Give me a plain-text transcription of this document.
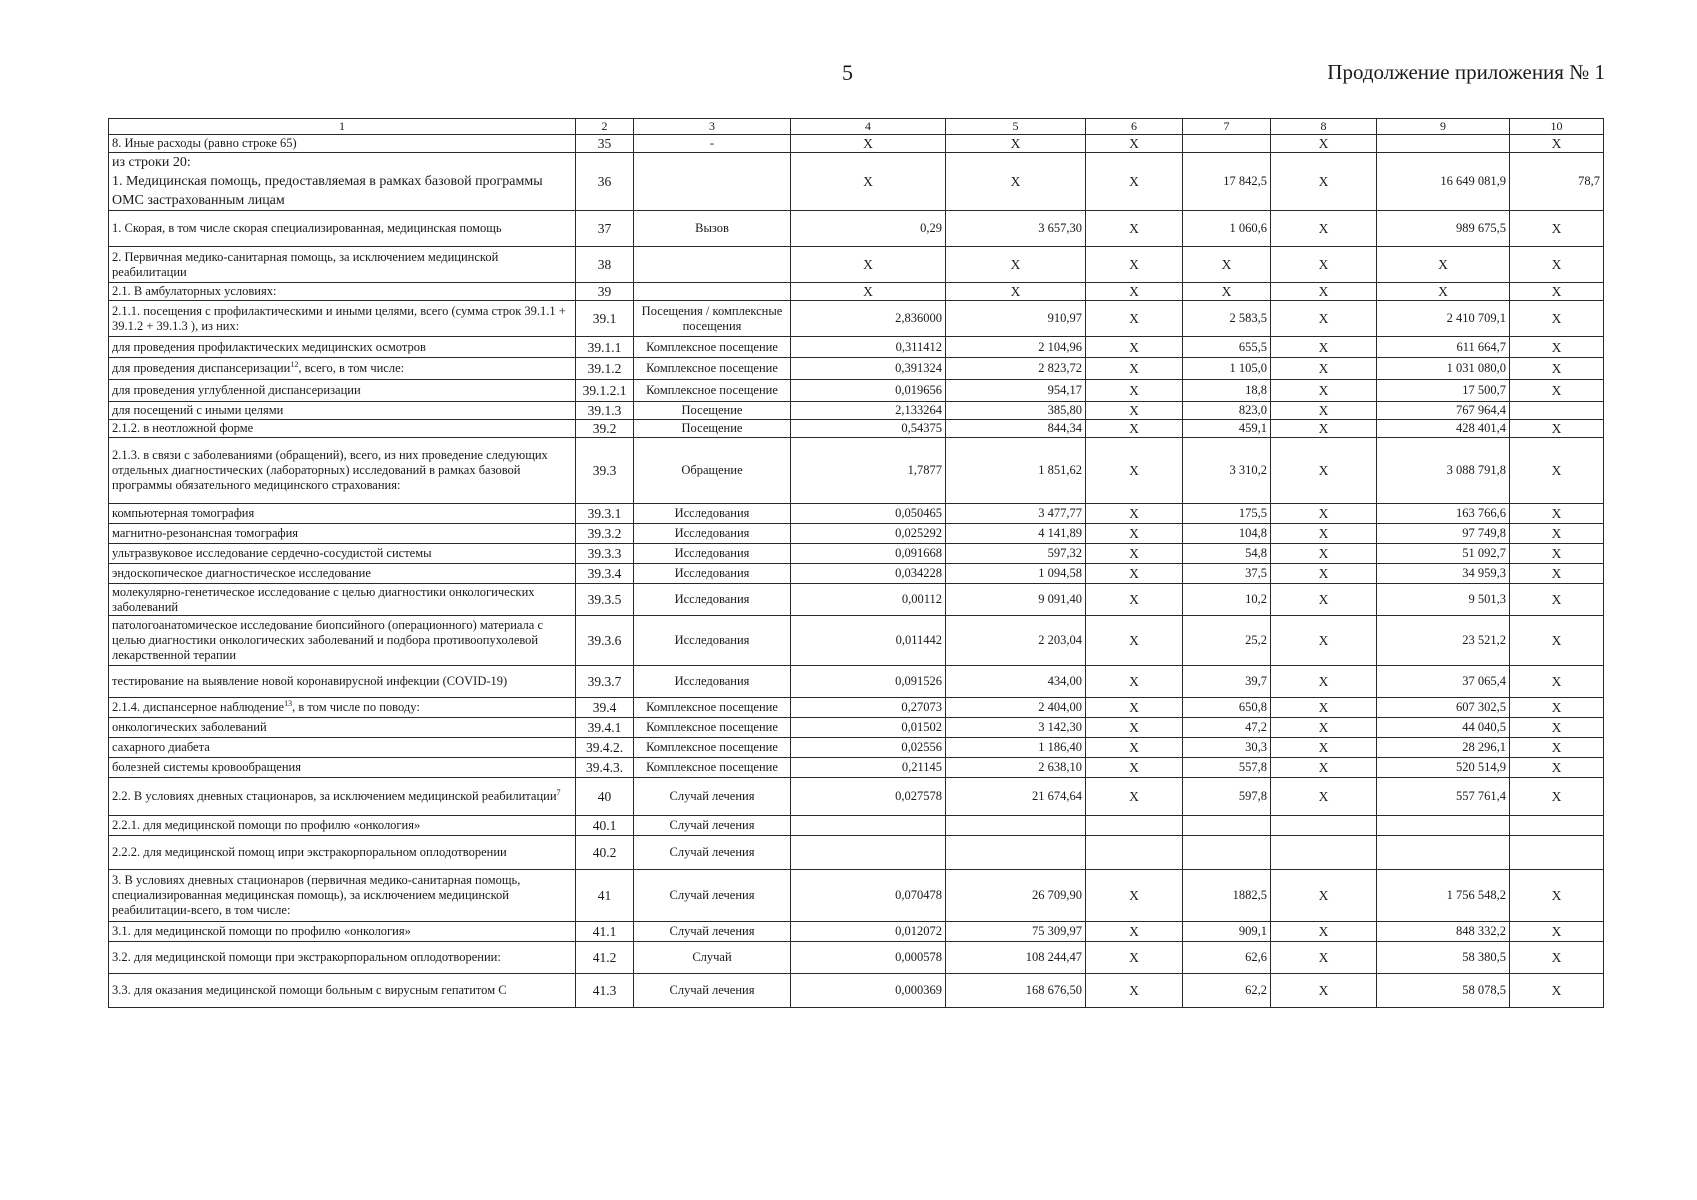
5	Продолжение приложения № 1
1	2	3	4	5	6	7	8	9	10
8. Иные расходы (равно строке 65)	35	-	X	X	X		X		X
из строки 20:
1. Медицинская помощь, предоставляемая в рамках базовой программы ОМС застрахованным лицам	36		X	X	X	17 842,5	X	16 649 081,9	78,7
1. Скорая, в том числе скорая специализированная, медицинская помощь	37	Вызов	0,29	3 657,30	X	1 060,6	X	989 675,5	X
2. Первичная медико-санитарная помощь, за исключением медицинской реабилитации	38		X	X	X	X	X	X	X
2.1. В амбулаторных условиях:	39		X	X	X	X	X	X	X
2.1.1. посещения с профилактическими и иными целями, всего (сумма строк 39.1.1 + 39.1.2 + 39.1.3 ), из них:	39.1	Посещения / комплексные посещения	2,836000	910,97	X	2 583,5	X	2 410 709,1	X
для проведения профилактических медицинских осмотров	39.1.1	Комплексное посещение	0,311412	2 104,96	X	655,5	X	611 664,7	X
для проведения диспансеризации$^{12}$, всего, в том числе:	39.1.2	Комплексное посещение	0,391324	2 823,72	X	1 105,0	X	1 031 080,0	X
для проведения углубленной диспансеризации	39.1.2.1	Комплексное посещение	0,019656	954,17	X	18,8	X	17 500,7	X
для посещений с иными целями	39.1.3	Посещение	2,133264	385,80	X	823,0	X	767 964,4	
2.1.2. в неотложной форме	39.2	Посещение	0,54375	844,34	X	459,1	X	428 401,4	X
2.1.3. в связи с заболеваниями (обращений), всего, из них проведение следующих отдельных диагностических (лабораторных) исследований в рамках базовой программы обязательного медицинского страхования:	39.3	Обращение	1,7877	1 851,62	X	3 310,2	X	3 088 791,8	X
компьютерная томография	39.3.1	Исследования	0,050465	3 477,77	X	175,5	X	163 766,6	X
магнитно-резонансная томография	39.3.2	Исследования	0,025292	4 141,89	X	104,8	X	97 749,8	X
ультразвуковое исследование сердечно-сосудистой системы	39.3.3	Исследования	0,091668	597,32	X	54,8	X	51 092,7	X
эндоскопическое диагностическое исследование	39.3.4	Исследования	0,034228	1 094,58	X	37,5	X	34 959,3	X
молекулярно-генетическое исследование с целью диагностики онкологических заболеваний	39.3.5	Исследования	0,00112	9 091,40	X	10,2	X	9 501,3	X
патологоанатомическое исследование биопсийного (операционного) материала с целью диагностики онкологических заболеваний и подбора противоопухолевой лекарственной терапии	39.3.6	Исследования	0,011442	2 203,04	X	25,2	X	23 521,2	X
тестирование на выявление новой коронавирусной инфекции (COVID-19)	39.3.7	Исследования	0,091526	434,00	X	39,7	X	37 065,4	X
2.1.4. диспансерное наблюдение$^{13}$, в том числе по поводу:	39.4	Комплексное посещение	0,27073	2 404,00	X	650,8	X	607 302,5	X
онкологических заболеваний	39.4.1	Комплексное посещение	0,01502	3 142,30	X	47,2	X	44 040,5	X
сахарного диабета	39.4.2.	Комплексное посещение	0,02556	1 186,40	X	30,3	X	28 296,1	X
болезней системы кровообращения	39.4.3.	Комплексное посещение	0,21145	2 638,10	X	557,8	X	520 514,9	X
2.2. В условиях дневных стационаров, за исключением медицинской реабилитации$^7$	40	Случай лечения	0,027578	21 674,64	X	597,8	X	557 761,4	X
2.2.1. для медицинской помощи по профилю «онкология»	40.1	Случай лечения							
2.2.2. для медицинской помощ ипри экстракорпоральном оплодотворении	40.2	Случай лечения							
3. В условиях дневных стационаров (первичная медико-санитарная помощь, специализированная медицинская помощь), за исключением медицинской реабилитации-всего, в том числе:	41	Случай лечения	0,070478	26 709,90	X	1882,5	X	1 756 548,2	X
3.1. для медицинской помощи по профилю «онкология»	41.1	Случай лечения	0,012072	75 309,97	X	909,1	X	848 332,2	X
3.2. для медицинской помощи при экстракорпоральном оплодотворении:	41.2	Случай	0,000578	108 244,47	X	62,6	X	58 380,5	X
3.3. для оказания медицинской помощи больным с вирусным гепатитом С	41.3	Случай лечения	0,000369	168 676,50	X	62,2	X	58 078,5	X
